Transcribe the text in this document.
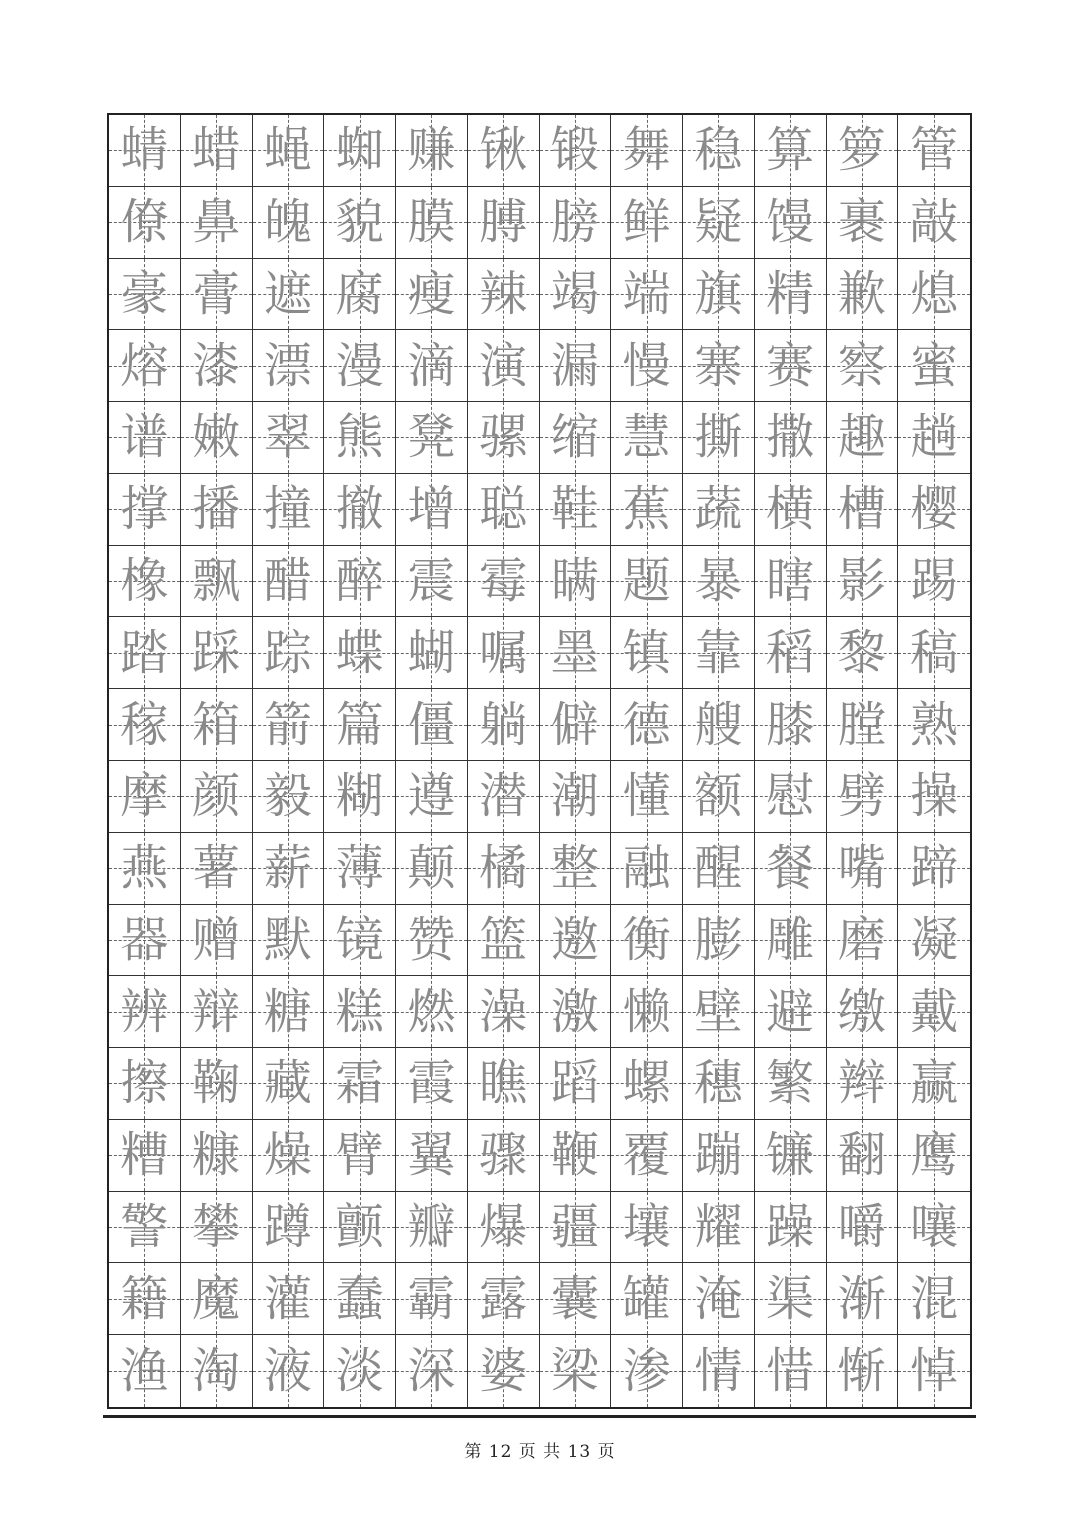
蜻 蜡 蝇 蜘 赚 锹 锻 舞 稳 算 箩 管
僚 鼻 魄 貌 膜 膊 膀 鲜 疑 馒 裹 敲
豪 膏 遮 腐 瘦 辣 竭 端 旗 精 歉 熄
熔 漆 漂 漫 滴 演 漏 慢 寨 赛 察 蜜
谱 嫩 翠 熊 凳 骡 缩 慧 撕 撒 趣 趟
撑 播 撞 撤 增 聪 鞋 蕉 蔬 横 槽 樱
橡 飘 醋 醉 震 霉 瞒 题 暴 瞎 影 踢
踏 踩 踪 蝶 蝴 嘱 墨 镇 靠 稻 黎 稿
稼 箱 箭 篇 僵 躺 僻 德 艘 膝 膛 熟
摩 颜 毅 糊 遵 潜 潮 懂 额 慰 劈 操
燕 薯 薪 薄 颠 橘 整 融 醒 餐 嘴 蹄
器 赠 默 镜 赞 篮 邀 衡 膨 雕 磨 凝
辨 辩 糖 糕 燃 澡 激 懒 壁 避 缴 戴
擦 鞠 藏 霜 霞 瞧 蹈 螺 穗 繁 辫 赢
糟 糠 燥 臂 翼 骤 鞭 覆 蹦 镰 翻 鹰
警 攀 蹲 颤 瓣 爆 疆 壤 耀 躁 嚼 嚷
籍 魔 灌 蠢 霸 露 囊 罐 淹 渠 渐 混
渔 淘 液 淡 深 婆 梁 渗 情 惜 惭 悼
第 12 页 共 13 页
